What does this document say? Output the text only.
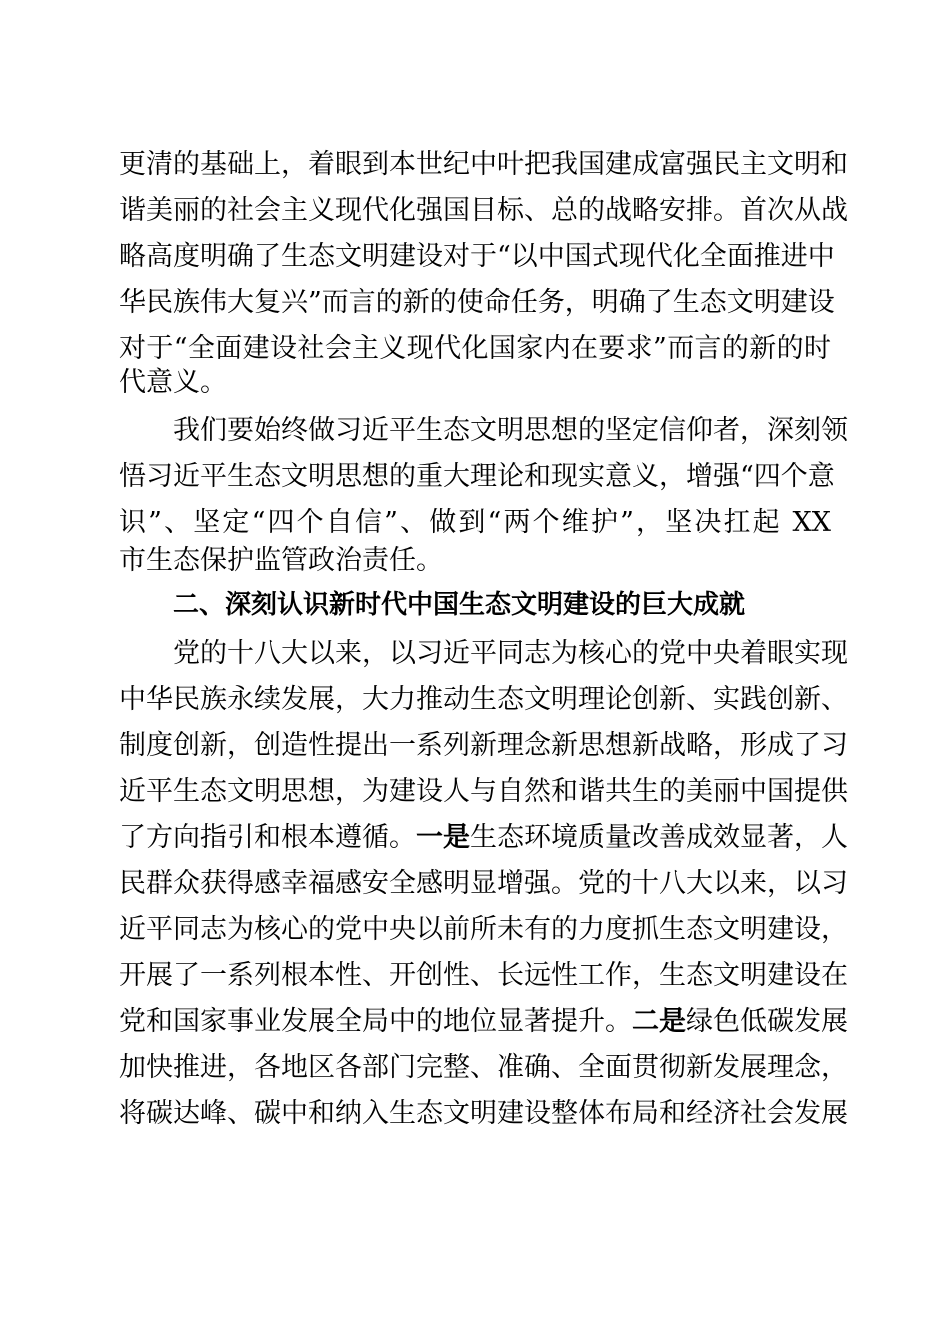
更清的基础上，着眼到本世纪中叶把我国建成富强民主文明和
谐美丽的社会主义现代化强国目标、总的战略安排。首次从战
略高度明确了生态文明建设对于“以中国式现代化全面推进中
华民族伟大复兴”而言的新的使命任务，明确了生态文明建设
对于“全面建设社会主义现代化国家内在要求”而言的新的时
代意义。
我们要始终做习近平生态文明思想的坚定信仰者，深刻领
悟习近平生态文明思想的重大理论和现实意义，增强“四个意
识”、坚定“四个自信”、做到“两个维护”，坚决扛起 XX
市生态保护监管政治责任。
二、深刻认识新时代中国生态文明建设的巨大成就
党的十八大以来，以习近平同志为核心的党中央着眼实现
中华民族永续发展，大力推动生态文明理论创新、实践创新、
制度创新，创造性提出一系列新理念新思想新战略，形成了习
近平生态文明思想，为建设人与自然和谐共生的美丽中国提供
了方向指引和根本遵循。一是生态环境质量改善成效显著，人
民群众获得感幸福感安全感明显增强。党的十八大以来，以习
近平同志为核心的党中央以前所未有的力度抓生态文明建设，
开展了一系列根本性、开创性、长远性工作，生态文明建设在
党和国家事业发展全局中的地位显著提升。二是绿色低碳发展
加快推进，各地区各部门完整、准确、全面贯彻新发展理念，
将碳达峰、碳中和纳入生态文明建设整体布局和经济社会发展
